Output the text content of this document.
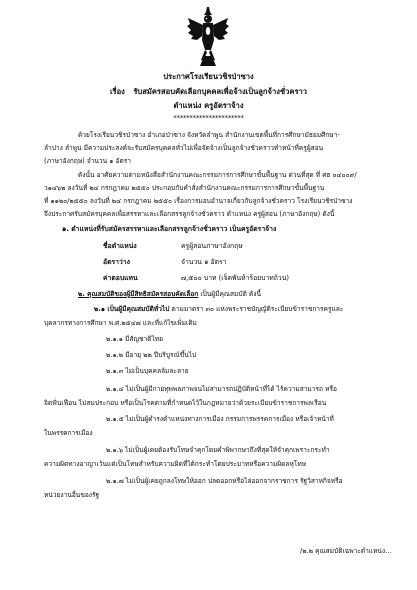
ประกาศโรงเรียนวชิรป่าซาง
เรื่อง รับสมัครสอบคัดเลือกบุคคลเพื่อจ้างเป็นลูกจ้างชั่วคราว
ตำแหน่ง ครูอัตราจ้าง
**********************
ด้วยโรงเรียนวชิรป่าซาง อำเภอป่าซาง จังหวัดลำพูน สำนักงานเขตพื้นที่การศึกษามัธยมศึกษา-
ลำปาง ลำพูน มีความประสงค์จะรับสมัครบุคคลทั่วไปเพื่อจัดจ้างเป็นลูกจ้างชั่วคราวทำหน้าที่ครูผู้สอน
(ภาษาอังกฤษ) จำนวน ๑ อัตรา
ดังนั้น อาศัยความตามหนังสือสำนักงานคณะกรรมการการศึกษาขั้นพื้นฐาน ด่วนที่สุด ที่ ศธ ๐๔๐๐๙/
ว๑๔๖๒ ลงวันที่ ๒๔ กรกฎาคม ๒๕๕๐ ประกอบกับคำสั่งสำนักงานคณะกรรมการการศึกษาขั้นพื้นฐาน
ที่ ๑๑๒๐/๒๕๕๐ ลงวันที่ ๒๔ กรกฎาคม ๒๕๕๐ เรื่องการมอบอำนาจเกี่ยวกับลูกจ้างชั่วคราว โรงเรียนวชิรป่าซาง
จึงประกาศรับสมัครบุคคลเพื่อสรรหาและเลือกสรรลูกจ้างชั่วคราว ตำแหน่ง ครูผู้สอน (ภาษาอังกฤษ) ดังนี้
๑. ตำแหน่งที่รับสมัครสรรหาและเลือกสรรลูกจ้างชั่วคราว เป็นครูอัตราจ้าง
ชื่อตำแหน่ง	ครูผู้สอนภาษาอังกฤษ
อัตราว่าง	จำนวน ๑ อัตรา
ค่าตอบแทน	๗,๕๐๐ บาท (เจ็ดพันห้าร้อยบาทถ้วน)
๒. คุณสมบัติของผู้มีสิทธิสมัครสอบคัดเลือก เป็นผู้มีคุณสมบัติ ดังนี้
๒.๑ เป็นผู้มีคุณสมบัติทั่วไป ตามมาตรา ๓๐ แห่งพระราชบัญญัติระเบียบข้าราชการครูและ
บุคลากรทางการศึกษา พ.ศ.๒๕๔๗ และที่แก้ไขเพิ่มเติม
๒.๑.๑ มีสัญชาติไทย
๒.๑.๒ มีอายุ ๒๒ ปีบริบูรณ์ขึ้นไป
๒.๑.๓ ไม่เป็นบุคคลล้มละลาย
๒.๑.๔ ไม่เป็นผู้มีกายทุพพลภาพจนไม่สามารถปฏิบัติหน้าที่ได้ ไร้ความสามารถ หรือ
จิตฟั่นเฟือน ไม่สมประกอบ หรือเป็นโรคตามที่กำหนดไว้ในกฎหมายว่าด้วยระเบียบข้าราชการพลเรือน
๒.๑.๕ ไม่เป็นผู้ดำรงตำแหน่งทางการเมือง กรรมการพรรคการเมือง หรือเจ้าหน้าที่
ในพรรคการเมือง
๒.๑.๖ ไม่เป็นผู้เคยต้องรับโทษจำคุกโดยคำพิพากษาถึงที่สุดให้จำคุกเพราะกระทำ
ความผิดทางอาญาเว้นแต่เป็นโทษสำหรับความผิดที่ได้กระทำโดยประมาทหรือความผิดลหุโทษ
๒.๑.๗ ไม่เป็นผู้เคยถูกลงโทษให้ออก ปลดออกหรือไล่ออกจากราชการ รัฐวิสาหกิจหรือ
หน่วยงานอื่นของรัฐ
/๒.๒ คุณสมบัติเฉพาะตำแหน่ง...
